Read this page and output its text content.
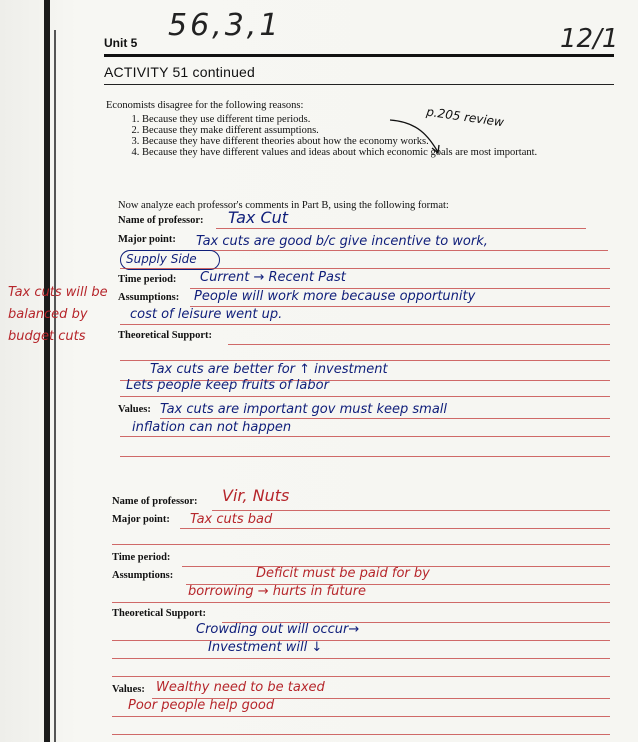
56,3,1	12/1
Unit 5
ACTIVITY 51 continued
p.205 review
Economists disagree for the following reasons:
1. Because they use different time periods.
2. Because they make different assumptions.
3. Because they have different theories about how the economy works.
4. Because they have different values and ideas about which economic goals are most important.
Now analyze each professor's comments in Part B, using the following format:
Name of professor: Tax Cut
Major point: Tax cuts are good b/c give incentive to work,
Supply Side
Time period: Current → Recent Past
Assumptions: People will work more because opportunity
cost of leisure went up.
Theoretical Support:
Tax cuts are better for ↑ investment
Lets people keep fruits of labor
Values: Tax cuts are important gov must keep small
inflation can not happen
Name of professor: Vir, Nuts
Major point: Tax cuts bad
Time period:
Assumptions:	Deficit must be paid for by
borrowing → hurts in future
Theoretical Support:
Crowding out will occur→
Investment will ↓
Values: Wealthy need to be taxed
Poor people help good
Tax cuts will be balanced by budget cuts
